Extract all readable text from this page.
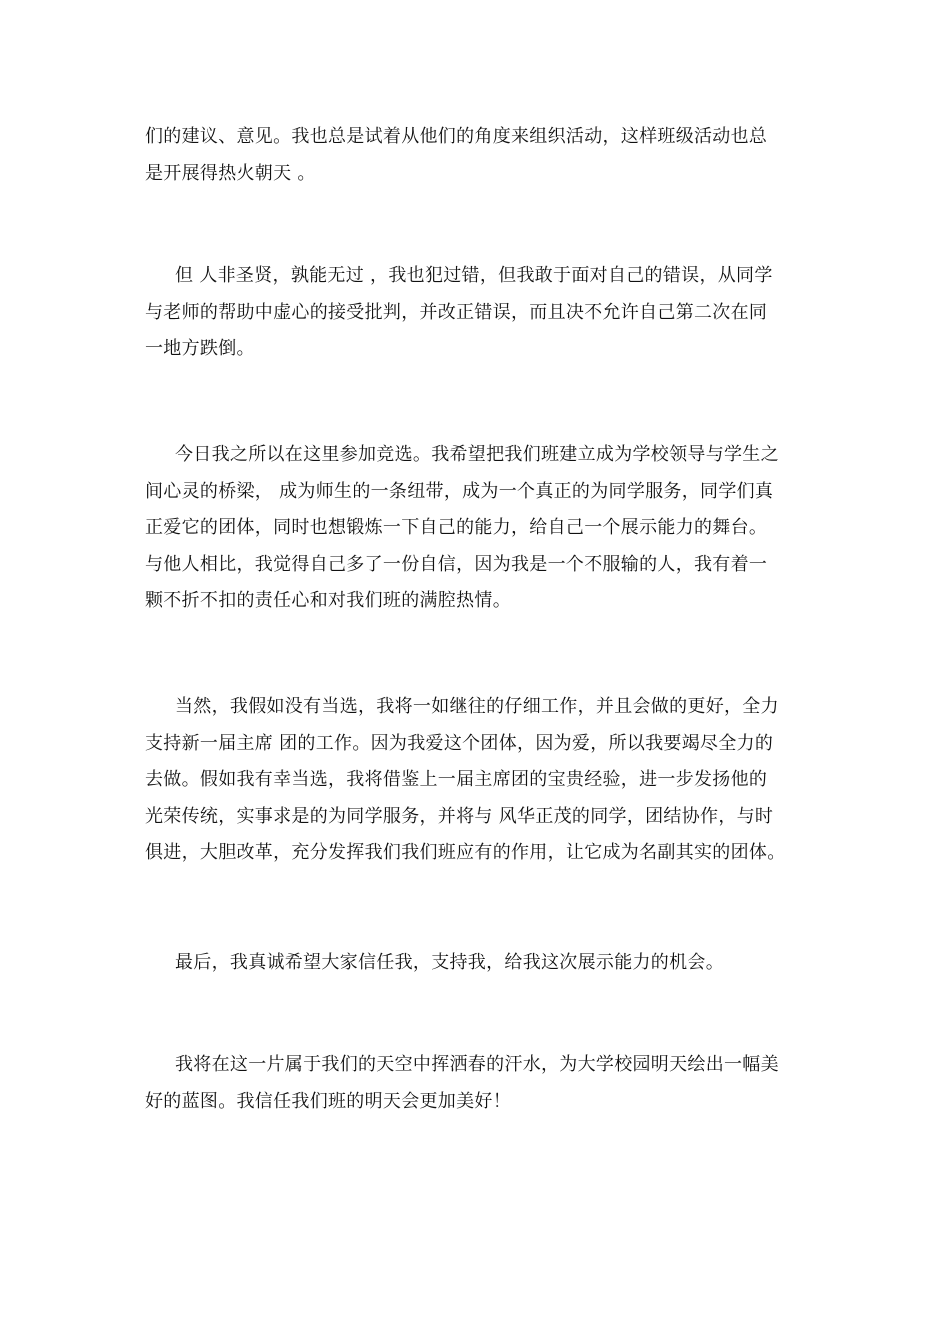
们的建议、意见。我也总是试着从他们的角度来组织活动，这样班级活动也总
是开展得热火朝天 。

但 人非圣贤，孰能无过 ，我也犯过错，但我敢于面对自己的错误，从同学
与老师的帮助中虚心的接受批判，并改正错误，而且决不允许自己第二次在同
一地方跌倒。

今日我之所以在这里参加竞选。我希望把我们班建立成为学校领导与学生之
间心灵的桥梁， 成为师生的一条纽带，成为一个真正的为同学服务，同学们真
正爱它的团体，同时也想锻炼一下自己的能力，给自己一个展示能力的舞台。
与他人相比，我觉得自己多了一份自信，因为我是一个不服输的人，我有着一
颗不折不扣的责任心和对我们班的满腔热情。

当然，我假如没有当选，我将一如继往的仔细工作，并且会做的更好，全力
支持新一届主席 团的工作。因为我爱这个团体，因为爱，所以我要竭尽全力的
去做。假如我有幸当选，我将借鉴上一届主席团的宝贵经验，进一步发扬他的
光荣传统，实事求是的为同学服务，并将与 风华正茂的同学，团结协作，与时
俱进，大胆改革，充分发挥我们我们班应有的作用，让它成为名副其实的团体。

最后，我真诚希望大家信任我，支持我，给我这次展示能力的机会。

我将在这一片属于我们的天空中挥洒春的汗水，为大学校园明天绘出一幅美
好的蓝图。我信任我们班的明天会更加美好！
